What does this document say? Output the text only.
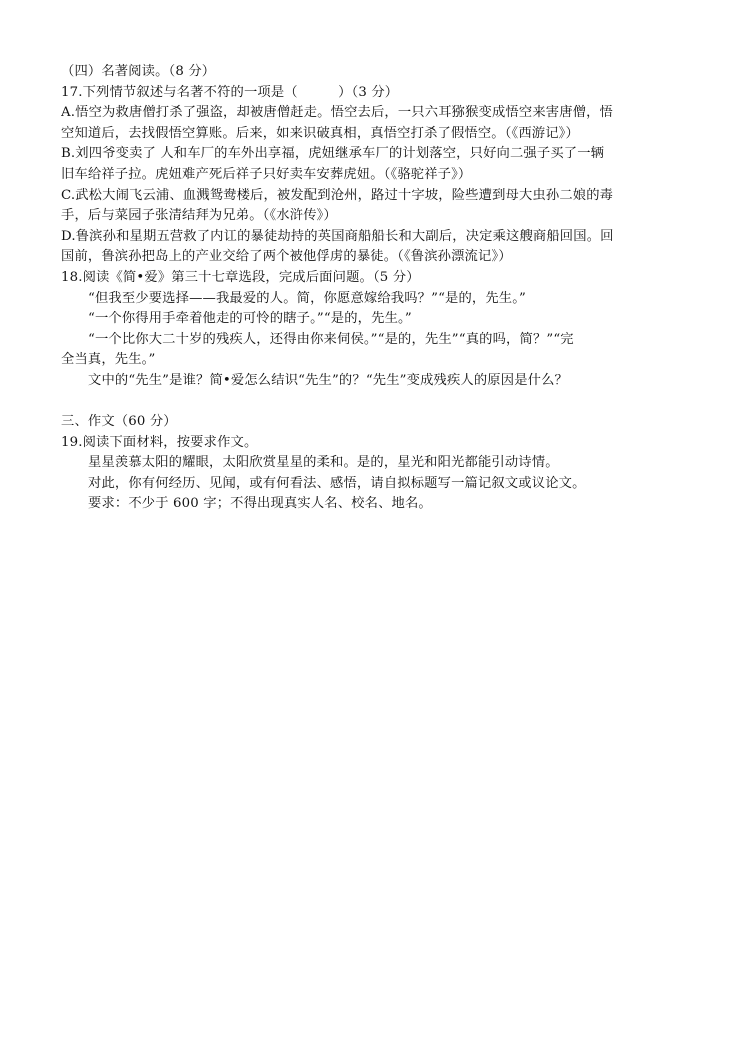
（四）名著阅读。（8 分）
17.下列情节叙述与名著不符的一项是（　　　）（3 分）
A.悟空为救唐僧打杀了强盗，却被唐僧赶走。悟空去后，一只六耳猕猴变成悟空来害唐僧，悟
空知道后，去找假悟空算账。后来，如来识破真相，真悟空打杀了假悟空。（《西游记》）
B.刘四爷变卖了 人和车厂的车外出享福，虎妞继承车厂的计划落空，只好向二强子买了一辆
旧车给祥子拉。虎妞难产死后祥子只好卖车安葬虎妞。（《骆驼祥子》）
C.武松大闹飞云浦、血溅鸳鸯楼后，被发配到沧州，路过十字坡，险些遭到母大虫孙二娘的毒
手，后与菜园子张清结拜为兄弟。（《水浒传》）
D.鲁滨孙和星期五营救了内讧的暴徒劫持的英国商船船长和大副后，决定乘这艘商船回国。回
国前，鲁滨孙把岛上的产业交给了两个被他俘虏的暴徒。（《鲁滨孙漂流记》）
18.阅读《简•爱》第三十七章选段，完成后面问题。（5 分）
“但我至少要选择——我最爱的人。简，你愿意嫁给我吗？”“是的，先生。”
“一个你得用手牵着他走的可怜的瞎子。”“是的，先生。”
“一个比你大二十岁的残疾人，还得由你来伺侯。”“是的，先生”“真的吗，简？”“完
全当真，先生。”
文中的“先生”是谁？简•爱怎么结识“先生”的？“先生”变成残疾人的原因是什么？
三、作文（60 分）
19.阅读下面材料，按要求作文。
星星羡慕太阳的耀眼，太阳欣赏星星的柔和。是的，星光和阳光都能引动诗情。
对此，你有何经历、见闻，或有何看法、感悟，请自拟标题写一篇记叙文或议论文。
要求：不少于 600 字；不得出现真实人名、校名、地名。
